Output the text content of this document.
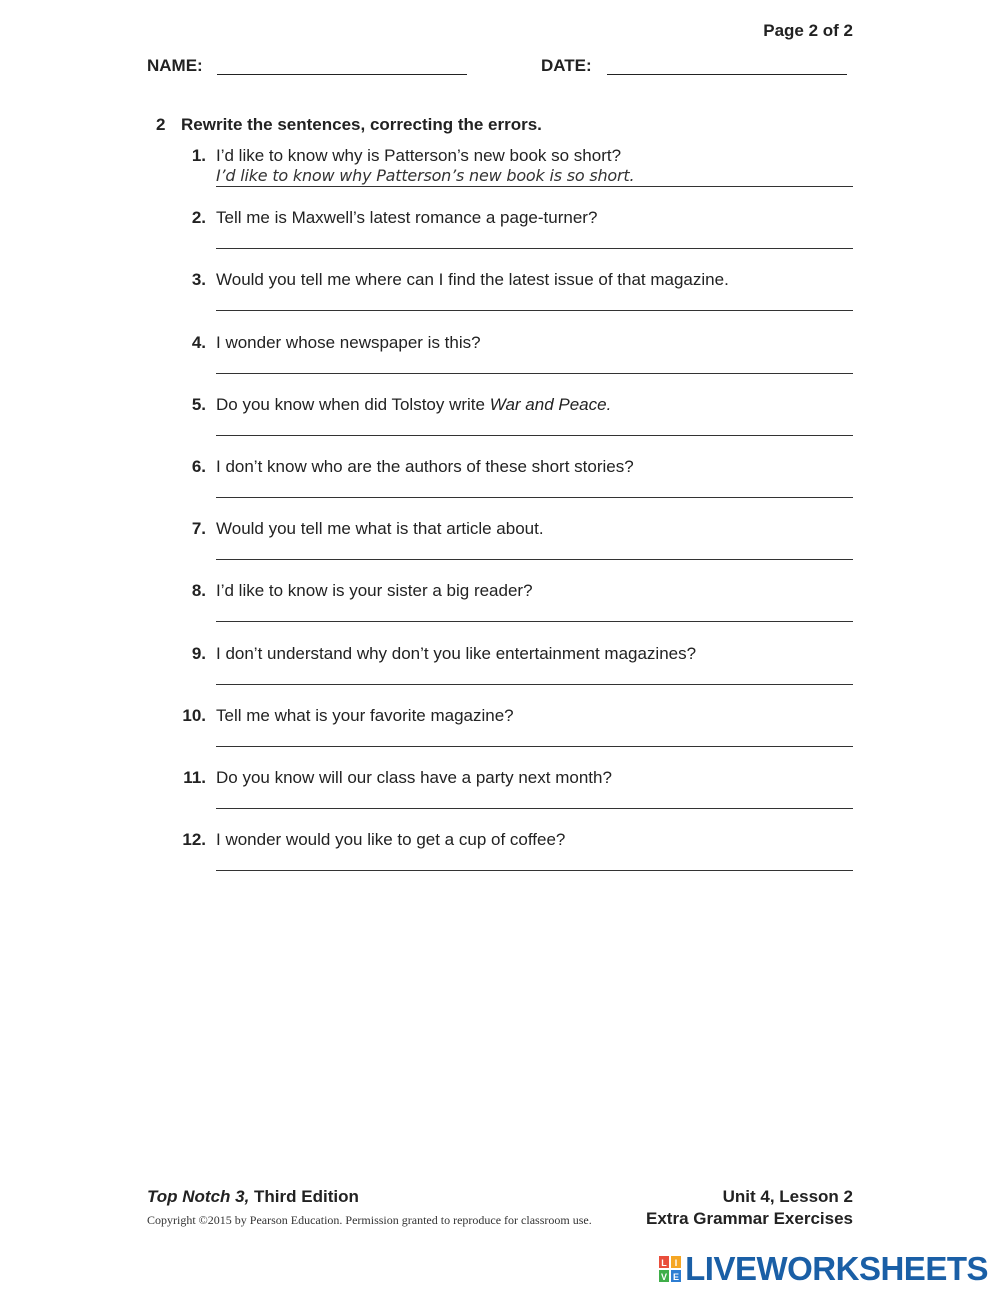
Page 2 of 2
NAME:	DATE:
2 Rewrite the sentences, correcting the errors.
1. I’d like to know why is Patterson’s new book so short?
I’d like to know why Patterson’s new book is so short.
2. Tell me is Maxwell’s latest romance a page-turner?
3. Would you tell me where can I find the latest issue of that magazine.
4. I wonder whose newspaper is this?
5. Do you know when did Tolstoy write War and Peace.
6. I don’t know who are the authors of these short stories?
7. Would you tell me what is that article about.
8. I’d like to know is your sister a big reader?
9. I don’t understand why don’t you like entertainment magazines?
10. Tell me what is your favorite magazine?
11. Do you know will our class have a party next month?
12. I wonder would you like to get a cup of coffee?
Top Notch 3, Third Edition
Copyright ©2015 by Pearson Education. Permission granted to reproduce for classroom use.
Unit 4, Lesson 2
Extra Grammar Exercises
L I
V E LIVEWORKSHEETS
